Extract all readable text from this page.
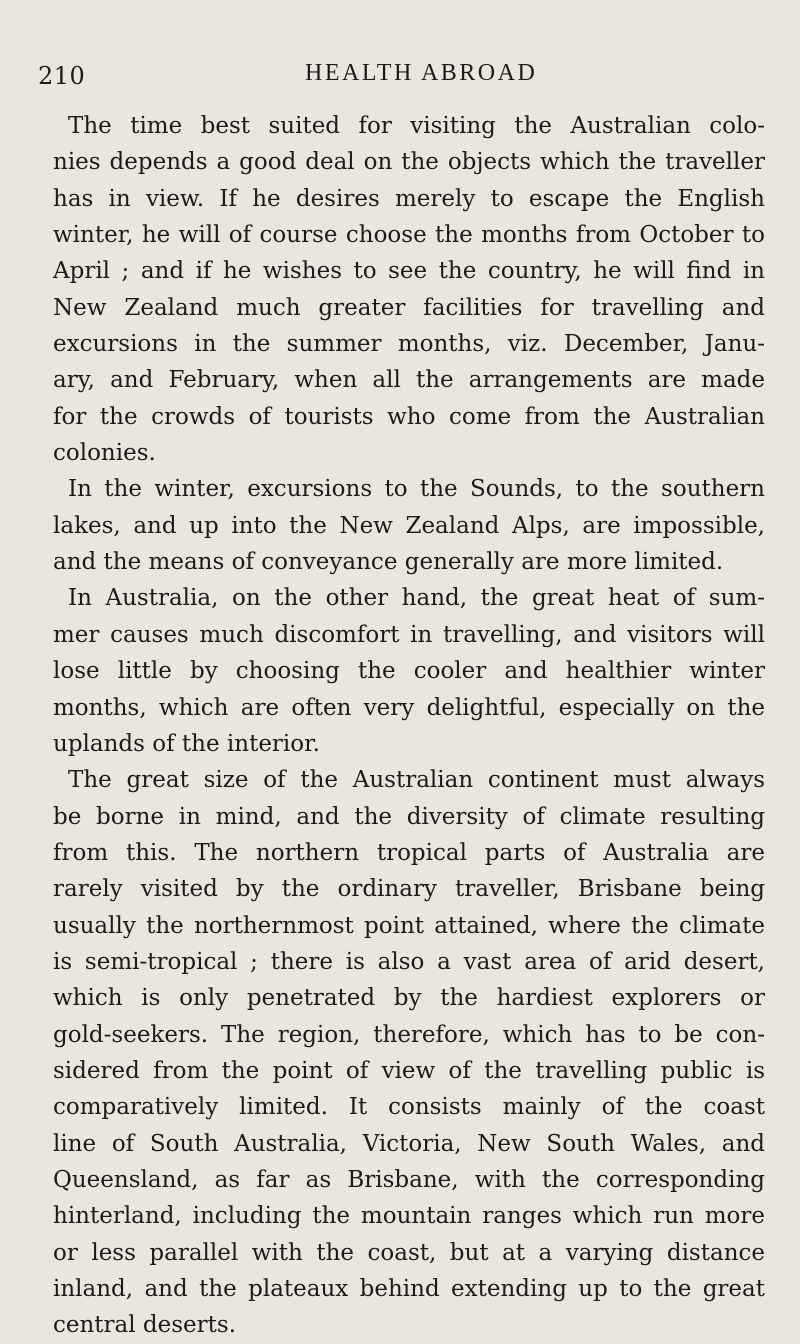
210	HEALTH ABROAD
The time best suited for visiting the Australian colo-
nies depends a good deal on the objects which the traveller
has in view. If he desires merely to escape the English
winter, he will of course choose the months from October to
April ; and if he wishes to see the country, he will find in
New Zealand much greater facilities for travelling and
excursions in the summer months, viz. December, Janu-
ary, and February, when all the arrangements are made
for the crowds of tourists who come from the Australian
colonies.
In the winter, excursions to the Sounds, to the southern
lakes, and up into the New Zealand Alps, are impossible,
and the means of conveyance generally are more limited.
In Australia, on the other hand, the great heat of sum-
mer causes much discomfort in travelling, and visitors will
lose little by choosing the cooler and healthier winter
months, which are often very delightful, especially on the
uplands of the interior.
The great size of the Australian continent must always
be borne in mind, and the diversity of climate resulting
from this. The northern tropical parts of Australia are
rarely visited by the ordinary traveller, Brisbane being
usually the northernmost point attained, where the climate
is semi-tropical ; there is also a vast area of arid desert,
which is only penetrated by the hardiest explorers or
gold-seekers. The region, therefore, which has to be con-
sidered from the point of view of the travelling public is
comparatively limited. It consists mainly of the coast
line of South Australia, Victoria, New South Wales, and
Queensland, as far as Brisbane, with the corresponding
hinterland, including the mountain ranges which run more
or less parallel with the coast, but at a varying distance
inland, and the plateaux behind extending up to the great
central deserts.
